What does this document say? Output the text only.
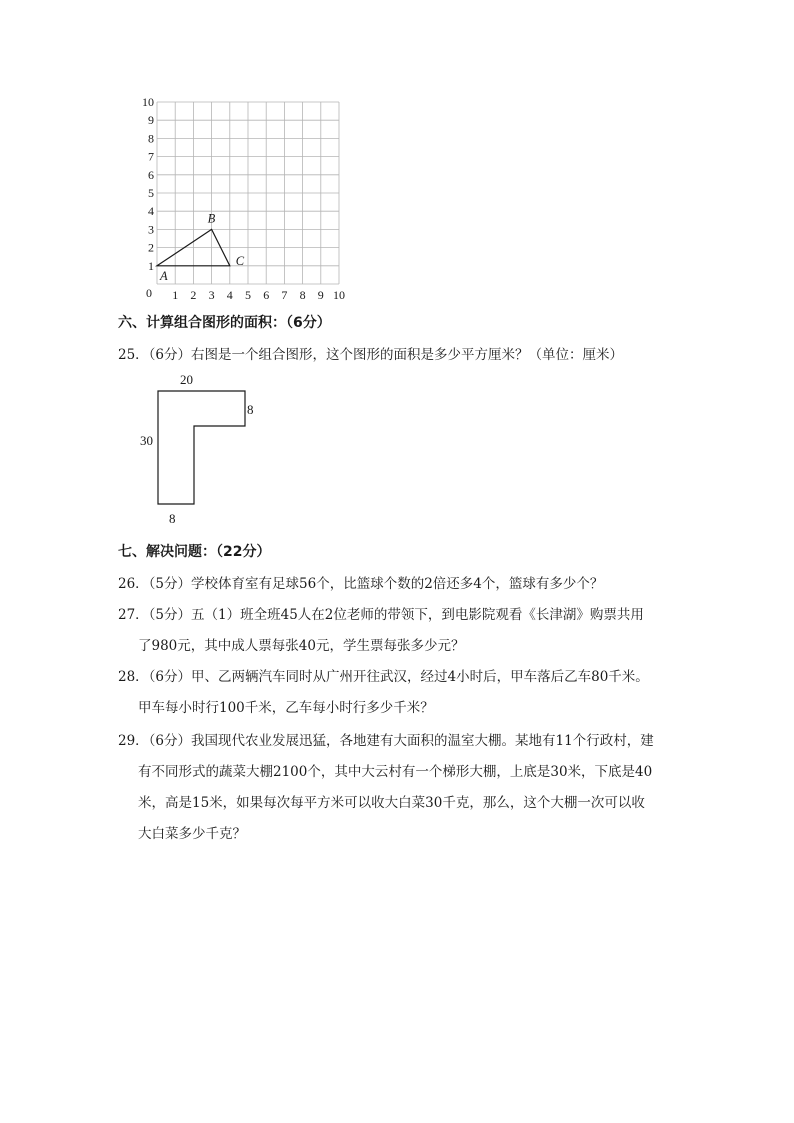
1 2 3 4 5 6 7 8 9 10
1
2
3
4
5
6
7
8
9
10
0
A
B
C
六、计算组合图形的面积：（6分）
25．（6分）右图是一个组合图形，这个图形的面积是多少平方厘米？（单位：厘米）
20
8
30
8
七、解决问题：（22分）
26．（5分）学校体育室有足球56个，比篮球个数的2倍还多4个，篮球有多少个？
27．（5分）五（1）班全班45人在2位老师的带领下，到电影院观看《长津湖》购票共用
了980元，其中成人票每张40元，学生票每张多少元？
28．（6分）甲、乙两辆汽车同时从广州开往武汉，经过4小时后，甲车落后乙车80千米。
甲车每小时行100千米，乙车每小时行多少千米？
29．（6分）我国现代农业发展迅猛，各地建有大面积的温室大棚。某地有11个行政村，建
有不同形式的蔬菜大棚2100个，其中大云村有一个梯形大棚，上底是30米，下底是40
米，高是15米，如果每次每平方米可以收大白菜30千克，那么，这个大棚一次可以收
大白菜多少千克？
